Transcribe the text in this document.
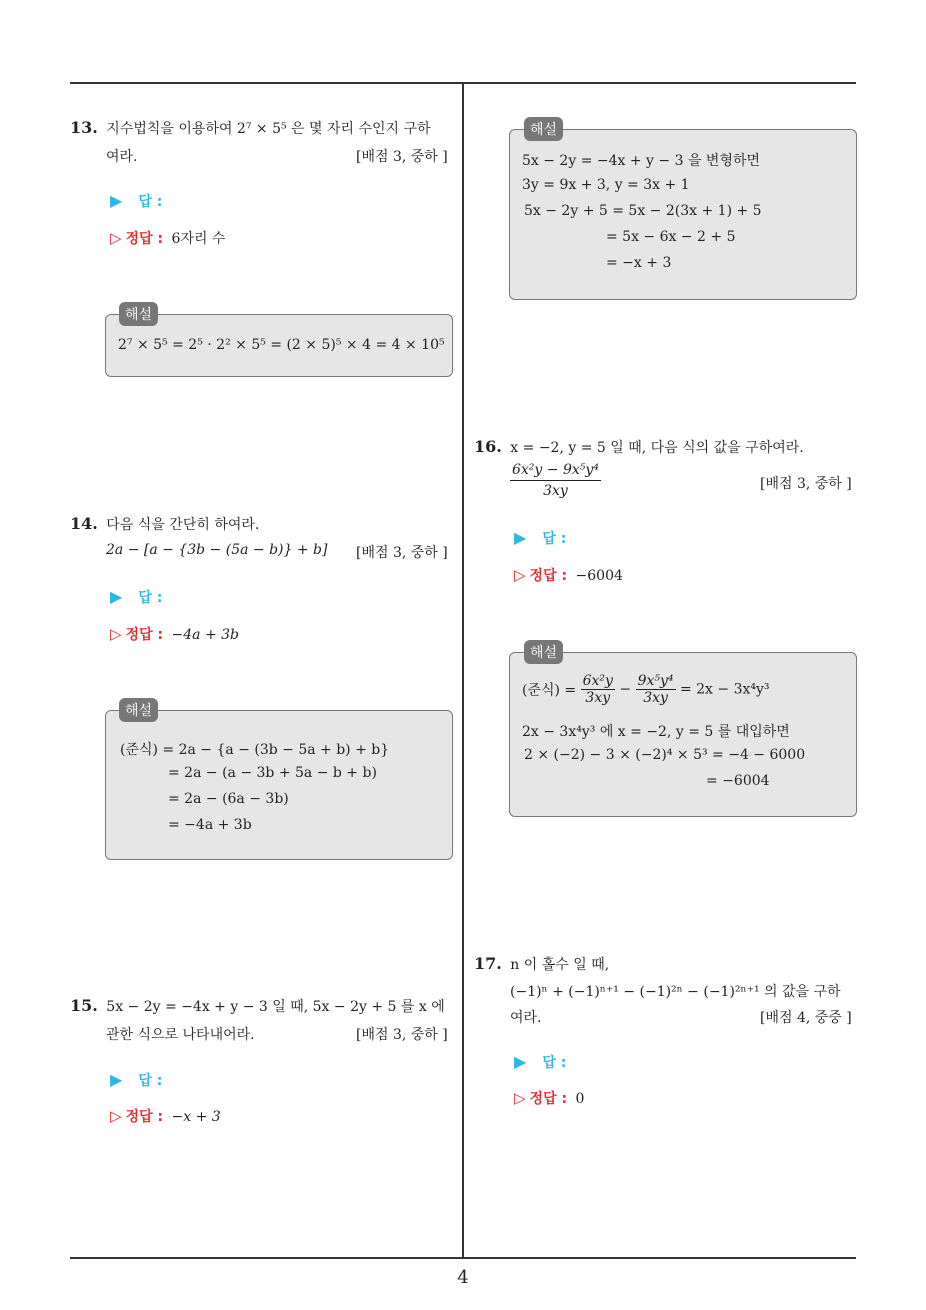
4
13. 지수법칙을 이용하여 2⁷ × 5⁵ 은 몇 자리 수인지 구하
여라.	[배점 3, 중하 ]
▶ 답 :
▷ 정답 : 6자리 수
2⁷ × 5⁵ = 2⁵ · 2² × 5⁵ = (2 × 5)⁵ × 4 = 4 × 10⁵
해설
14. 다음 식을 간단히 하여라.
2a − [a − {3b − (5a − b)} + b] [배점 3, 중하 ]
▶ 답 :
▷ 정답 : −4a + 3b
(준식) = 2a − {a − (3b − 5a + b) + b}
= 2a − (a − 3b + 5a − b + b)
= 2a − (6a − 3b)
= −4a + 3b
해설
15. 5x − 2y = −4x + y − 3 일 때, 5x − 2y + 5 를 x 에
관한 식으로 나타내어라.	[배점 3, 중하 ]
▶ 답 :
▷ 정답 : −x + 3
5x − 2y = −4x + y − 3 을 변형하면
3y = 9x + 3, y = 3x + 1
5x − 2y + 5 = 5x − 2(3x + 1) + 5
= 5x − 6x − 2 + 5
= −x + 3
해설
16. x = −2, y = 5 일 때, 다음 식의 값을 구하여라.
$\frac{\text{6x²y − 9x⁵y⁴}}{3xy}$	[배점 3, 중하 ]
▶ 답 :
▷ 정답 : −6004
(준식) = $\frac{\text{6x²y}}{3xy} - \frac{\text{9x⁵y⁴}}{3xy} = 2x - 3x^4y^3$
2x − 3x⁴y³ 에 x = −2, y = 5 를 대입하면
2 × (−2) − 3 × (−2)⁴ × 5³ = −4 − 6000
= −6004
해설
17. n 이 홀수 일 때,
(−1)ⁿ + (−1)ⁿ⁺¹ − (−1)²ⁿ − (−1)²ⁿ⁺¹ 의 값을 구하
여라.	[배점 4, 중중 ]
▶ 답 :
▷ 정답 : 0
